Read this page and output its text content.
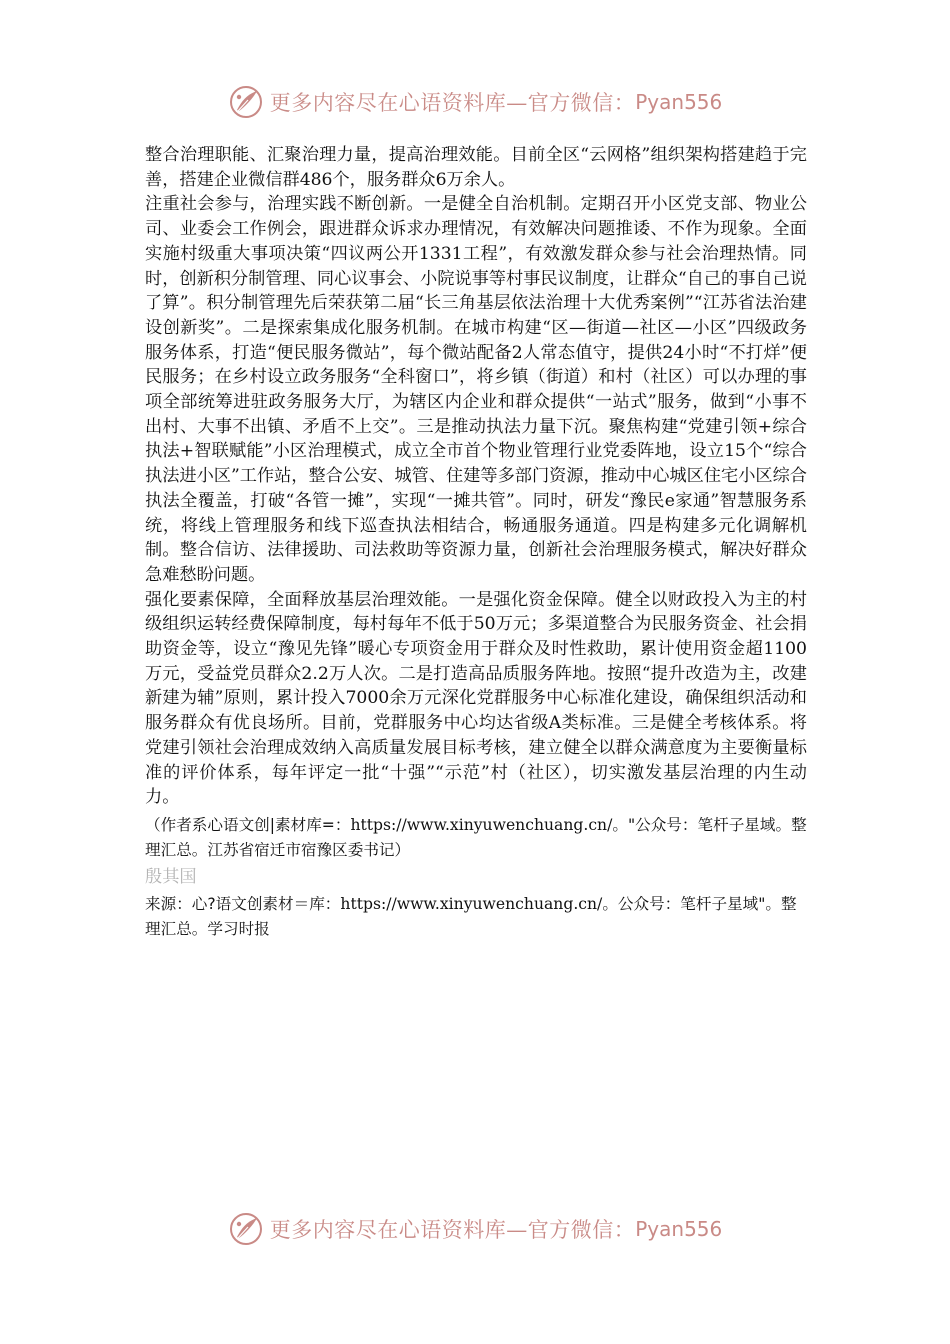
更多内容尽在心语资料库—官方微信： Pyan556

整合治理职能、汇聚治理力量，提高治理效能。目前全区“云网格”组织架构搭建趋于完善，搭建企业微信群486个，服务群众6万余人。

注重社会参与，治理实践不断创新。一是健全自治机制。定期召开小区党支部、物业公司、业委会工作例会，跟进群众诉求办理情况，有效解决问题推诿、不作为现象。全面实施村级重大事项决策“四议两公开1331工程”，有效激发群众参与社会治理热情。同时，创新积分制管理、同心议事会、小院说事等村事民议制度，让群众“自己的事自己说了算”。积分制管理先后荣获第二届“长三角基层依法治理十大优秀案例”“江苏省法治建设创新奖”。二是探索集成化服务机制。在城市构建“区—街道—社区—小区”四级政务服务体系，打造“便民服务微站”，每个微站配备2人常态值守，提供24小时“不打烊”便民服务；在乡村设立政务服务“全科窗口”，将乡镇（街道）和村（社区）可以办理的事项全部统筹进驻政务服务大厅，为辖区内企业和群众提供“一站式”服务，做到“小事不出村、大事不出镇、矛盾不上交”。三是推动执法力量下沉。聚焦构建“党建引领+综合执法+智联赋能”小区治理模式，成立全市首个物业管理行业党委阵地，设立15个“综合执法进小区”工作站，整合公安、城管、住建等多部门资源，推动中心城区住宅小区综合执法全覆盖，打破“各管一摊”，实现“一摊共管”。同时，研发“豫民e家通”智慧服务系统，将线上管理服务和线下巡查执法相结合，畅通服务通道。四是构建多元化调解机制。整合信访、法律援助、司法救助等资源力量，创新社会治理服务模式，解决好群众急难愁盼问题。

强化要素保障，全面释放基层治理效能。一是强化资金保障。健全以财政投入为主的村级组织运转经费保障制度，每村每年不低于50万元；多渠道整合为民服务资金、社会捐助资金等，设立“豫见先锋”暖心专项资金用于群众及时性救助，累计使用资金超1100万元，受益党员群众2.2万人次。二是打造高品质服务阵地。按照“提升改造为主，改建新建为辅”原则，累计投入7000余万元深化党群服务中心标准化建设，确保组织活动和服务群众有优良场所。目前，党群服务中心均达省级A类标准。三是健全考核体系。将党建引领社会治理成效纳入高质量发展目标考核，建立健全以群众满意度为主要衡量标准的评价体系，每年评定一批“十强”“示范”村（社区），切实激发基层治理的内生动力。

（作者系心语文创|素材库=：https://www.xinyuwenchuang.cn/。"公众号：笔杆子星域。整理汇总。江苏省宿迁市宿豫区委书记）

殷其国

来源：心?语文创素材＝库：https://www.xinyuwenchuang.cn/。公众号：笔杆子星域"。整理汇总。学习时报

更多内容尽在心语资料库—官方微信： Pyan556
